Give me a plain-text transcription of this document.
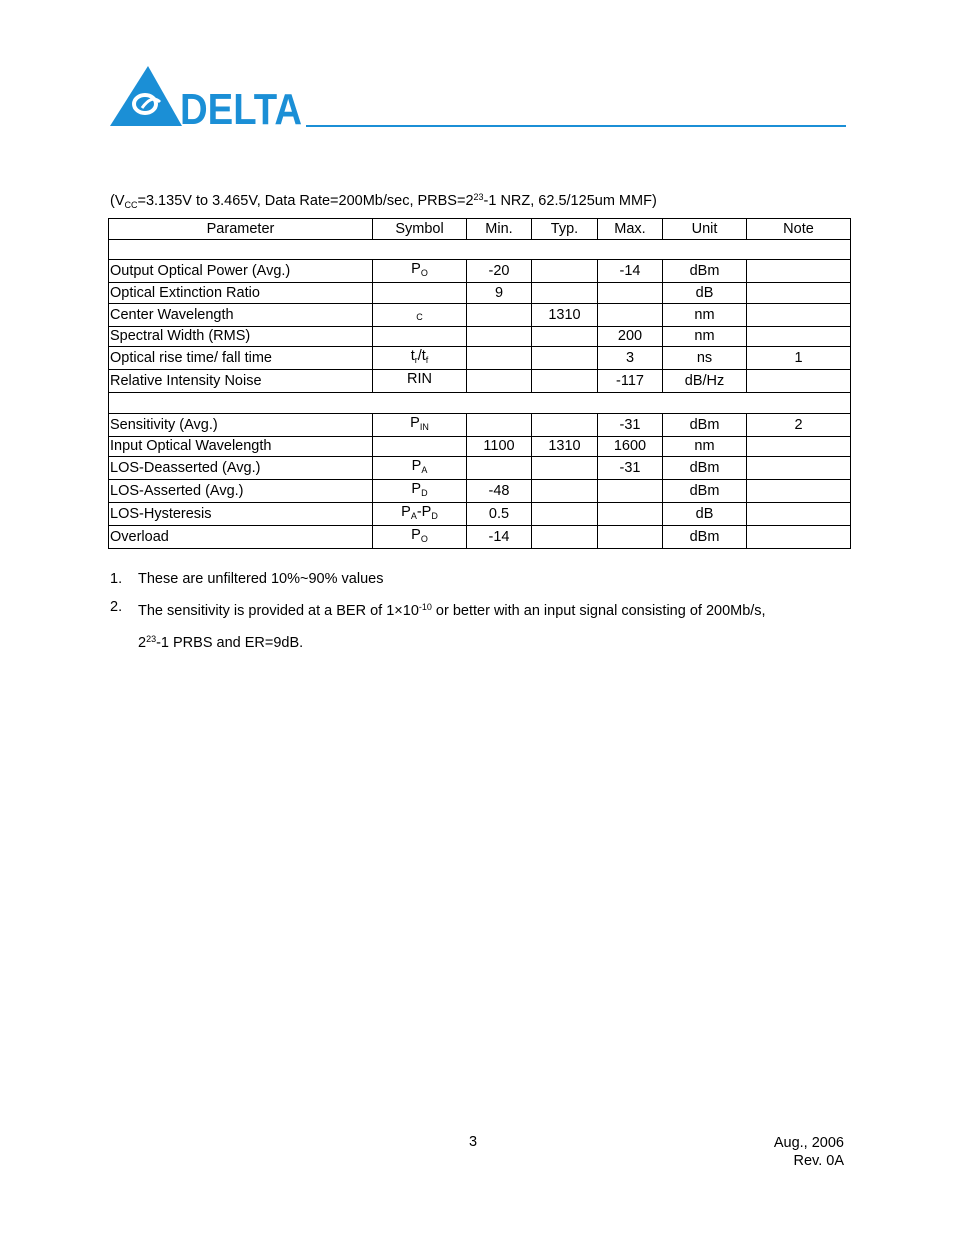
DELTA
($V_{CC}=3.135V$ to 3.465V, Data Rate=200Mb/sec, $PRBS=2^{23}-1$ NRZ, 62.5/125um MMF)
Parameter	Symbol	Min.	Typ.	Max.	Unit	Note

Output Optical Power (Avg.)	$P_O$	-20		-14	dBm	
Optical Extinction Ratio		9			dB	
Center Wavelength	$_C$		1310		nm	
Spectral Width (RMS)				200	nm	
Optical rise time/ fall time	$t_r/t_f$			3	ns	1
Relative Intensity Noise	RIN			-117	dB/Hz	

Sensitivity (Avg.)	$P_{IN}$			-31	dBm	2
Input Optical Wavelength		1100	1310	1600	nm	
LOS-Deasserted (Avg.)	$P_A$			-31	dBm	
LOS-Asserted (Avg.)	$P_D$	-48			dBm	
LOS-Hysteresis	$P_A-P_D$	0.5			dB	
Overload	$P_O$	-14			dBm	
1. These are unfiltered 10%~90% values
2. The sensitivity is provided at a BER of $1\times 10^{-10}$ or better with an input signal consisting of 200Mb/s,
$2^{23}-1$ PRBS and ER=9dB.
3	Aug., 2006
Rev. 0A
